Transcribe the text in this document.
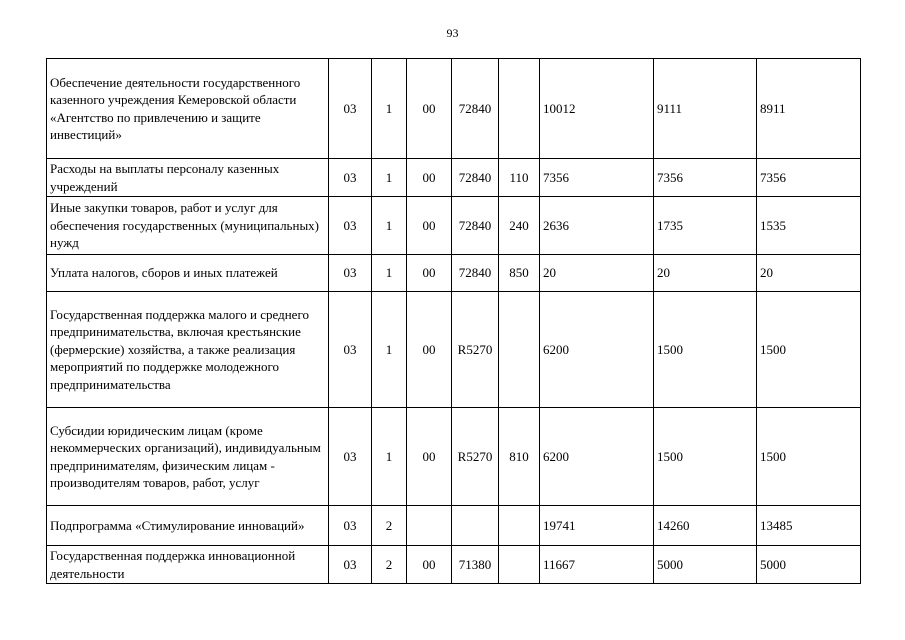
93
Обеспечение деятельности государственного казенного учреждения Кемеровской области «Агентство по привлечению и защите инвестиций»	03	1	00	72840		10012	9111	8911
Расходы на выплаты персоналу казенных учреждений	03	1	00	72840	110	7356	7356	7356
Иные закупки товаров, работ и услуг для обеспечения государственных (муниципальных) нужд	03	1	00	72840	240	2636	1735	1535
Уплата налогов, сборов и иных платежей	03	1	00	72840	850	20	20	20
Государственная поддержка малого и среднего предпринимательства, включая крестьянские (фермерские) хозяйства, а также реализация мероприятий по поддержке молодежного предпринимательства	03	1	00	R5270		6200	1500	1500
Субсидии юридическим лицам (кроме некоммерческих организаций), индивидуальным предпринимателям, физическим лицам - производителям товаров, работ, услуг	03	1	00	R5270	810	6200	1500	1500
Подпрограмма «Стимулирование инноваций»	03	2				19741	14260	13485
Государственная поддержка инновационной деятельности	03	2	00	71380		11667	5000	5000
